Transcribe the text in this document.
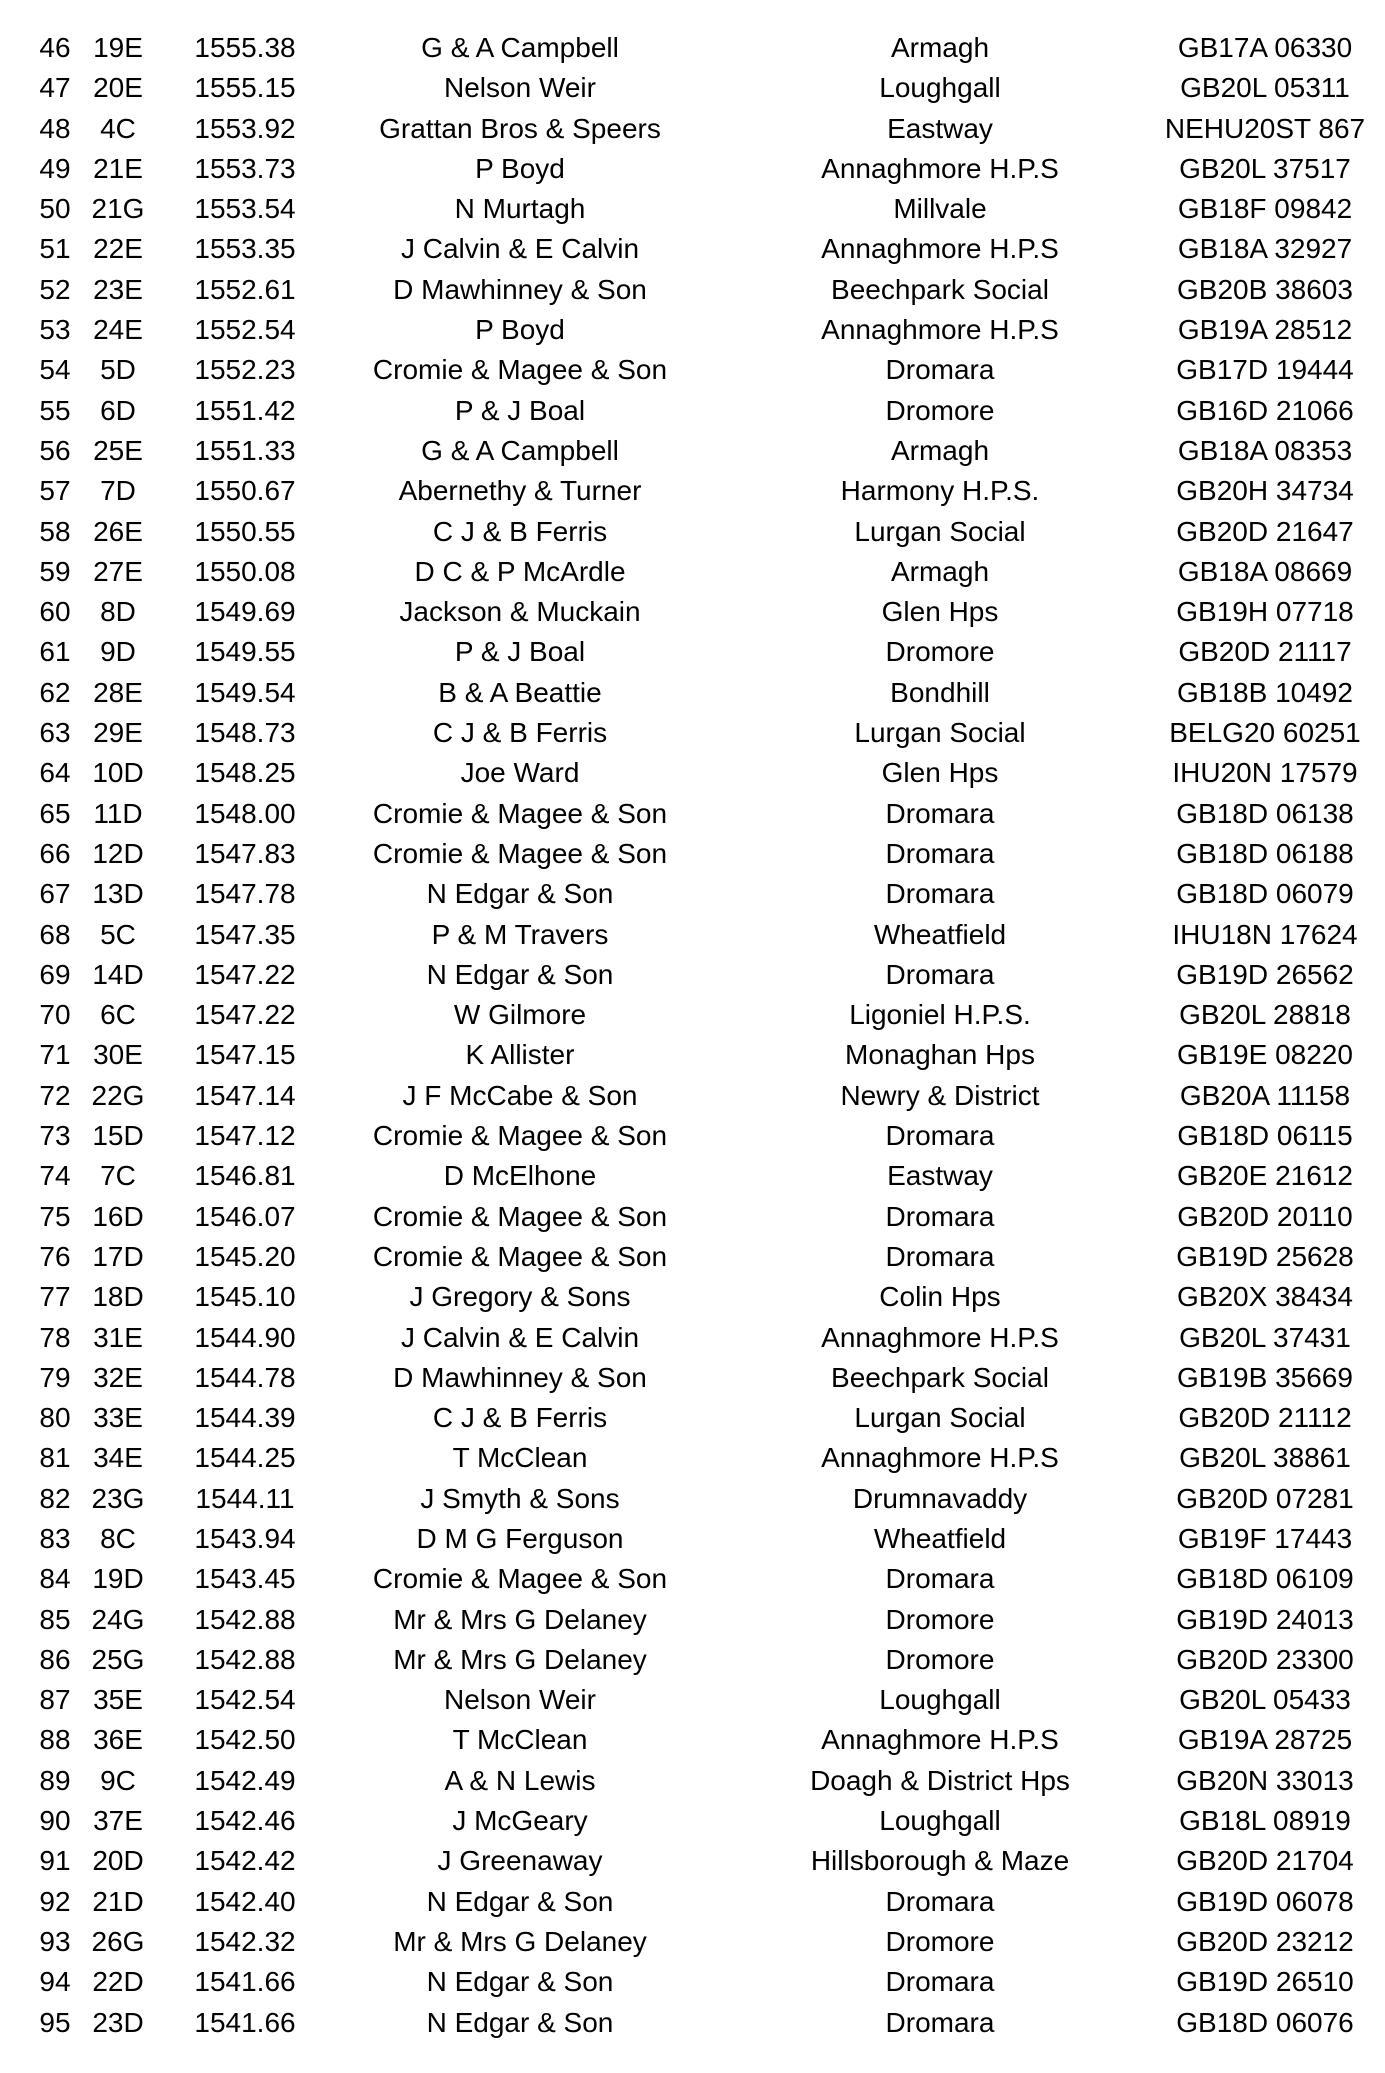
46 19E	1555.38	G & A Campbell	Armagh	GB17A 06330
47 20E	1555.15	Nelson Weir	Loughgall	GB20L 05311
48	4C	1553.92	Grattan Bros & Speers	Eastway	NEHU20ST 867
49 21E	1553.73	P Boyd	Annaghmore H.P.S	GB20L 37517
50 21G	1553.54	N Murtagh	Millvale	GB18F 09842
51 22E	1553.35	J Calvin & E Calvin	Annaghmore H.P.S	GB18A 32927
52 23E	1552.61	D Mawhinney & Son	Beechpark Social	GB20B 38603
53 24E	1552.54	P Boyd	Annaghmore H.P.S	GB19A 28512
54	5D	1552.23	Cromie & Magee & Son	Dromara	GB17D 19444
55	6D	1551.42	P & J Boal	Dromore	GB16D 21066
56 25E	1551.33	G & A Campbell	Armagh	GB18A 08353
57	7D	1550.67	Abernethy & Turner	Harmony H.P.S.	GB20H 34734
58 26E	1550.55	C J & B Ferris	Lurgan Social	GB20D 21647
59 27E	1550.08	D C & P McArdle	Armagh	GB18A 08669
60	8D	1549.69	Jackson & Muckain	Glen Hps	GB19H 07718
61	9D	1549.55	P & J Boal	Dromore	GB20D 21117
62 28E	1549.54	B & A Beattie	Bondhill	GB18B 10492
63 29E	1548.73	C J & B Ferris	Lurgan Social	BELG20 60251
64 10D	1548.25	Joe Ward	Glen Hps	IHU20N 17579
65 11D	1548.00	Cromie & Magee & Son	Dromara	GB18D 06138
66 12D	1547.83	Cromie & Magee & Son	Dromara	GB18D 06188
67 13D	1547.78	N Edgar & Son	Dromara	GB18D 06079
68	5C	1547.35	P & M Travers	Wheatfield	IHU18N 17624
69 14D	1547.22	N Edgar & Son	Dromara	GB19D 26562
70	6C	1547.22	W Gilmore	Ligoniel H.P.S.	GB20L 28818
71 30E	1547.15	K Allister	Monaghan Hps	GB19E 08220
72 22G	1547.14	J F McCabe & Son	Newry & District	GB20A 11158
73 15D	1547.12	Cromie & Magee & Son	Dromara	GB18D 06115
74	7C	1546.81	D McElhone	Eastway	GB20E 21612
75 16D	1546.07	Cromie & Magee & Son	Dromara	GB20D 20110
76 17D	1545.20	Cromie & Magee & Son	Dromara	GB19D 25628
77 18D	1545.10	J Gregory & Sons	Colin Hps	GB20X 38434
78 31E	1544.90	J Calvin & E Calvin	Annaghmore H.P.S	GB20L 37431
79 32E	1544.78	D Mawhinney & Son	Beechpark Social	GB19B 35669
80 33E	1544.39	C J & B Ferris	Lurgan Social	GB20D 21112
81 34E	1544.25	T McClean	Annaghmore H.P.S	GB20L 38861
82 23G	1544.11	J Smyth & Sons	Drumnavaddy	GB20D 07281
83	8C	1543.94	D M G Ferguson	Wheatfield	GB19F 17443
84 19D	1543.45	Cromie & Magee & Son	Dromara	GB18D 06109
85 24G	1542.88	Mr & Mrs G Delaney	Dromore	GB19D 24013
86 25G	1542.88	Mr & Mrs G Delaney	Dromore	GB20D 23300
87 35E	1542.54	Nelson Weir	Loughgall	GB20L 05433
88 36E	1542.50	T McClean	Annaghmore H.P.S	GB19A 28725
89	9C	1542.49	A & N Lewis	Doagh & District Hps	GB20N 33013
90 37E	1542.46	J McGeary	Loughgall	GB18L 08919
91 20D	1542.42	J Greenaway	Hillsborough & Maze	GB20D 21704
92 21D	1542.40	N Edgar & Son	Dromara	GB19D 06078
93 26G	1542.32	Mr & Mrs G Delaney	Dromore	GB20D 23212
94 22D	1541.66	N Edgar & Son	Dromara	GB19D 26510
95 23D	1541.66	N Edgar & Son	Dromara	GB18D 06076
